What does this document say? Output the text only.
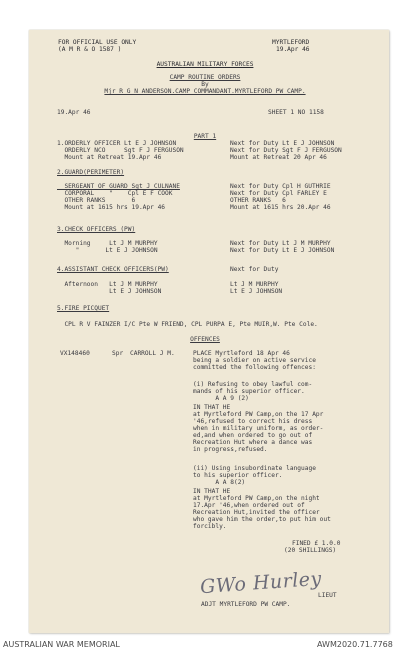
FOR OFFICIAL USE ONLY
(A M R & O 1587 )
MYRTLEFORD
19.Apr 46
AUSTRALIAN MILITARY FORCES
CAMP ROUTINE ORDERS
By
Mjr R G N ANDERSON.CAMP COMMANDANT.MYRTLEFORD PW CAMP.
19.Apr 46	SHEET 1 NO 1158
PART 1
1.ORDERLY OFFICER Lt E J JOHNSON	Next for Duty Lt E J JOHNSON
ORDERLY NCO     Sgt F J FERGUSON	Next for Duty Sgt F J FERGUSON
Mount at Retreat 19.Apr 46	Mount at Retreat 20 Apr 46
2.GUARD(PERIMETER)
SERGEANT OF GUARD Sgt J CULNANE	Next for Duty Cpl H GUTHRIE
CORPORAL    "    Cpl E F COOK	Next for Duty Cpl FARLEY E
OTHER RANKS       6	OTHER RANKS   6
Mount at 1615 hrs 19.Apr 46	Mount at 1615 hrs 20.Apr 46
3.CHECK OFFICERS (PW)
Morning     Lt J M MURPHY	Next for Duty Lt J M MURPHY
"       Lt E J JOHNSON	Next for Duty Lt E J JOHNSON
4.ASSISTANT CHECK OFFICERS(PW)	Next for Duty
Afternoon   Lt J M MURPHY	Lt J M MURPHY
Lt E J JOHNSON	Lt E J JOHNSON
5.FIRE PICQUET
CPL R V FAINZER I/C Pte W FRIEND, CPL PURPA E, Pte MUIR,W. Pte Cole.
OFFENCES
VX148460	Spr CARROLL J M.	PLACE Myrtleford 18 Apr 46
being a soldier on active service
committed the following offences:
(i) Refusing to obey lawful com-
mands of his superior officer.
A A 9 (2)
IN THAT HE
at Myrtleford PW Camp,on the 17 Apr
'46,refused to correct his dress
when in military uniform, as order-
ed,and when ordered to go out of
Recreation Hut where a dance was
in progress,refused.
(ii) Using insubordinate language
to his superior officer.
A A 8(2)
IN THAT HE
at Myrtleford PW Camp,on the night
17.Apr '46,when ordered out of
Recreation Hut,invited the officer
who gave him the order,to put him out
forcibly.
FINED £ 1.0.0
(20 SHILLINGS)
GWo Hurley
LIEUT
ADJT MYRTLEFORD PW CAMP.
AUSTRALIAN WAR MEMORIAL	AWM2020.71.7768
